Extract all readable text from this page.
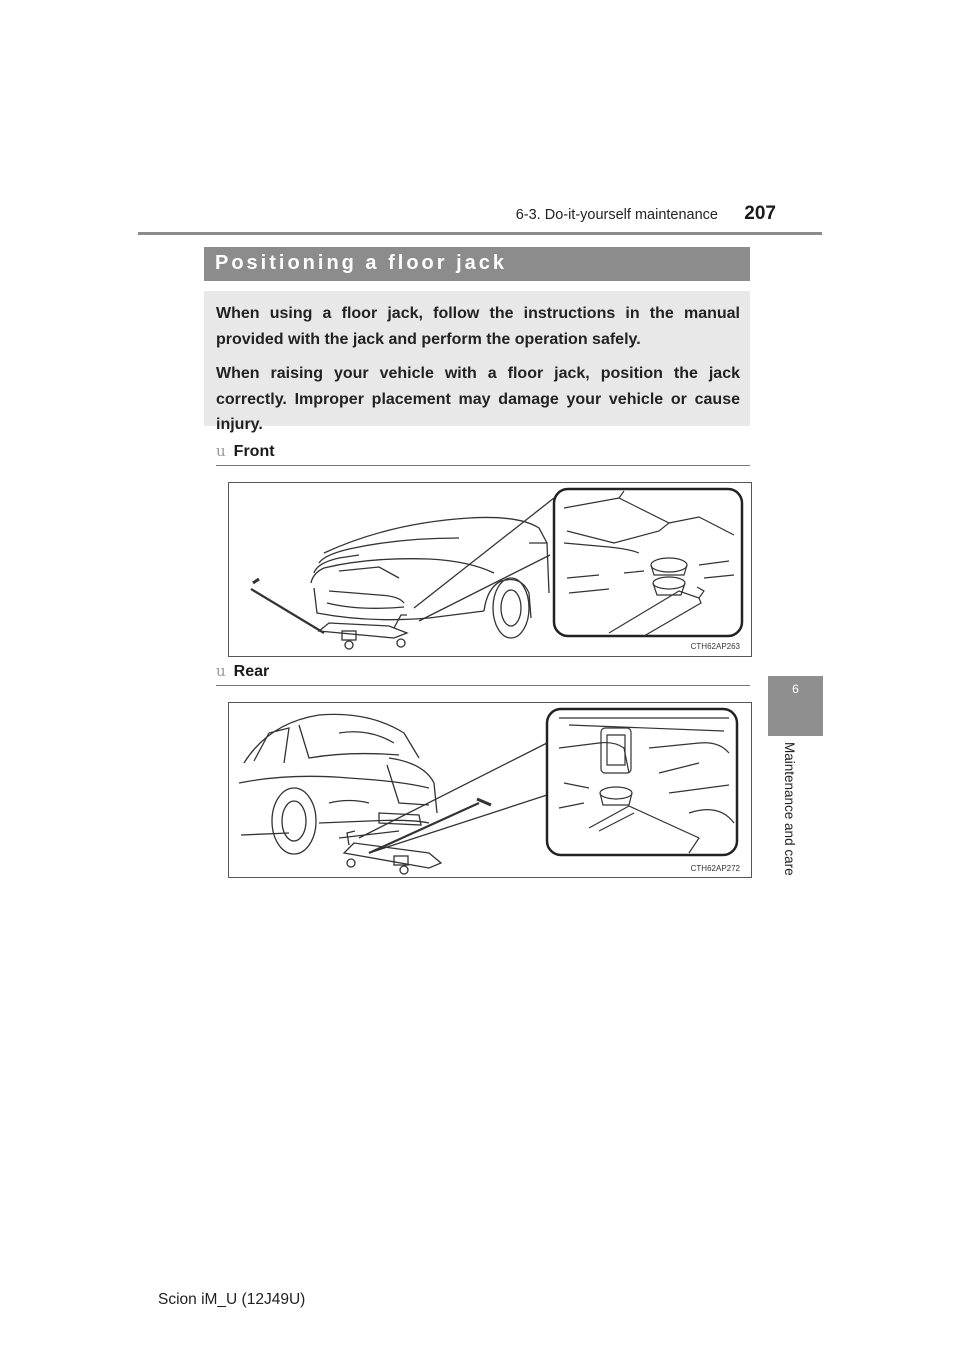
6-3. Do-it-yourself maintenance	207
6
Maintenance and care
Positioning a floor jack

When using a floor jack, follow the instructions in the manual provided with the jack and perform the operation safely.

When raising your vehicle with a floor jack, position the jack correctly. Improper placement may damage your vehicle or cause injury.

u Front
CTH62AP263
u Rear
CTH62AP272
Scion iM_U (12J49U)
